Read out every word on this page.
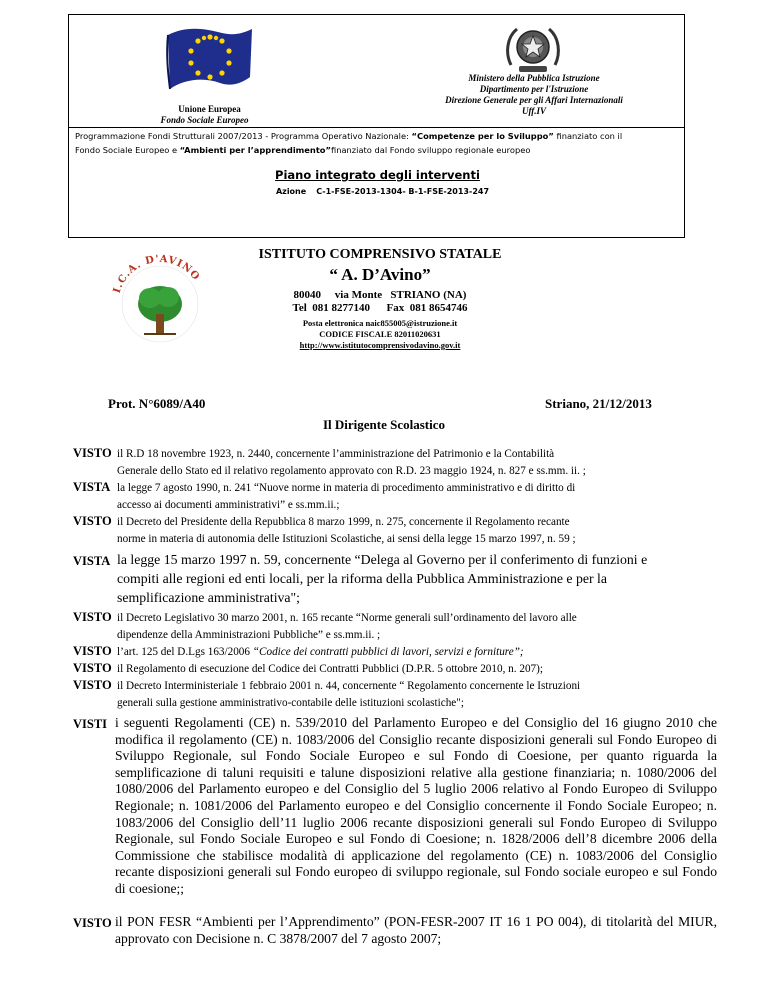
Unione Europea
Fondo Sociale Europeo
Ministero della Pubblica Istruzione
Dipartimento per l'Istruzione
Direzione Generale per gli Affari Internazionali
Uff.IV
Programmazione Fondi Strutturali 2007/2013 - Programma Operativo Nazionale: “Competenze per lo Sviluppo” finanziato con il
Fondo Sociale Europeo e “Ambienti per l’apprendimento”finanziato dal Fondo sviluppo regionale europeo
Piano integrato degli interventi
Azione C-1-FSE-2013-1304- B-1-FSE-2013-247
I.C.A. D'AVINO
ISTITUTO COMPRENSIVO STATALE
“ A. D’Avino”
80040     via Monte   STRIANO (NA)
Tel  081 8277140      Fax  081 8654746
Posta elettronica naic855005@istruzione.it
CODICE FISCALE 82011020631
http://www.istitutocomprensivodavino.gov.it
Prot. N°6089/A40	Striano, 21/12/2013
Il Dirigente Scolastico
VISTO il R.D 18 novembre 1923, n. 2440, concernente l’amministrazione del Patrimonio e la Contabilità
Generale dello Stato ed il relativo regolamento approvato con R.D. 23 maggio 1924, n. 827 e ss.mm. ii. ;
VISTA la legge 7 agosto 1990, n. 241 “Nuove norme in materia di procedimento amministrativo e di diritto di
accesso ai documenti amministrativi” e ss.mm.ii.;
VISTO il Decreto del Presidente della Repubblica 8 marzo 1999, n. 275, concernente il Regolamento recante
norme in materia di autonomia delle Istituzioni Scolastiche, ai sensi della legge 15 marzo 1997, n. 59 ;
VISTA la legge 15 marzo 1997 n. 59, concernente “Delega al Governo per il conferimento di funzioni e
compiti alle regioni ed enti locali, per la riforma della Pubblica Amministrazione e per la
semplificazione amministrativa";
VISTO il Decreto Legislativo 30 marzo 2001, n. 165 recante “Norme generali sull’ordinamento del lavoro alle
dipendenze della Amministrazioni Pubbliche” e ss.mm.ii. ;
VISTO l’art. 125 del D.Lgs 163/2006 “Codice dei contratti pubblici di lavori, servizi e forniture”;
VISTO il Regolamento di esecuzione del Codice dei Contratti Pubblici (D.P.R. 5 ottobre 2010, n. 207);
VISTO il Decreto Interministeriale 1 febbraio 2001 n. 44, concernente “ Regolamento concernente le Istruzioni
generali sulla gestione amministrativo-contabile delle istituzioni scolastiche";
VISTI i seguenti Regolamenti (CE) n. 539/2010 del Parlamento Europeo e del Consiglio del 16 giugno 2010 che modifica il regolamento (CE) n. 1083/2006 del Consiglio recante disposizioni generali sul Fondo Europeo di Sviluppo Regionale, sul Fondo Sociale Europeo e sul Fondo di Coesione, per quanto riguarda la semplificazione di taluni requisiti e talune disposizioni relative alla gestione finanziaria; n. 1080/2006 del 1080/2006 del Parlamento europeo e del Consiglio del 5 luglio 2006 relativo al Fondo Europeo di Sviluppo Regionale; n. 1081/2006 del Parlamento europeo e del Consiglio concernente il Fondo Sociale Europeo; n. 1083/2006 del Consiglio dell’11 luglio 2006 recante disposizioni generali sul Fondo Europeo di Sviluppo Regionale, sul Fondo Sociale Europeo e sul Fondo di Coesione; n. 1828/2006 dell’8 dicembre 2006 della Commissione che stabilisce modalità di applicazione del regolamento (CE) n. 1083/2006 del Consiglio recante disposizioni generali sul Fondo europeo di sviluppo regionale, sul Fondo sociale europeo e sul Fondo di coesione;;
VISTO il PON FESR “Ambienti per l’Apprendimento” (PON-FESR-2007 IT 16 1 PO 004), di titolarità del MIUR, approvato con Decisione n. C 3878/2007 del 7 agosto 2007;
